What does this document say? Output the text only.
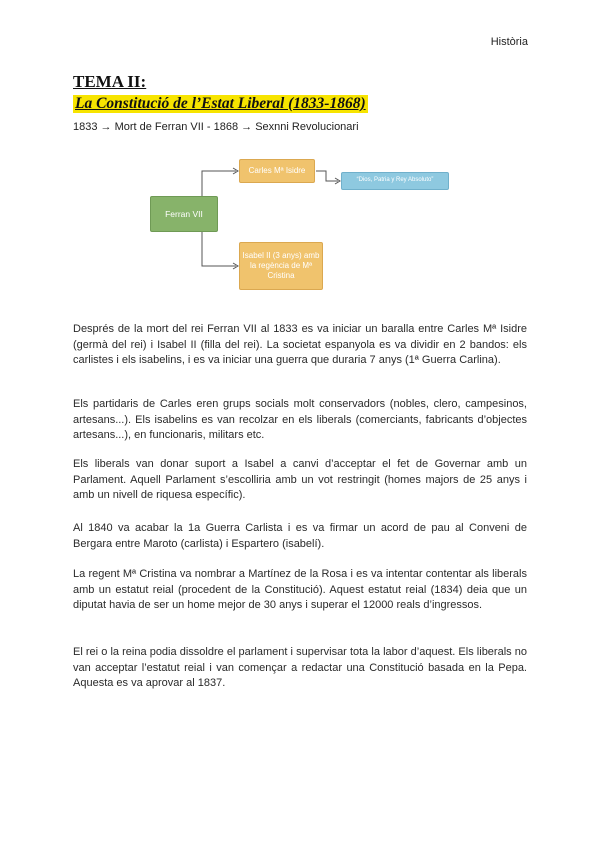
Història
TEMA II:
La Constitució de l’Estat Liberal (1833-1868)
1833 → Mort de Ferran VII - 1868 → Sexnni Revolucionari
Ferran VII
Carles Mª Isidre
“Dios, Patria y Rey Absoluto”
Isabel II (3 anys) amb la regència de Mª Cristina
Després de la mort del rei Ferran VII al 1833 es va iniciar un baralla entre Carles Mª Isidre (germà del rei) i Isabel II (filla del rei). La societat espanyola es va dividir en 2 bandos: els carlistes i els isabelins, i es va iniciar una guerra que duraria 7 anys (1ª Guerra Carlina).
Els partidaris de Carles eren grups socials molt conservadors (nobles, clero, campesinos, artesans...). Els isabelins es van recolzar en els liberals (comerciants, fabricants d’objectes artesans...), en funcionaris, militars etc.
Els liberals van donar suport a Isabel a canvi d’acceptar el fet de Governar amb un Parlament. Aquell Parlament s’escolliria amb un vot restringit (homes majors de 25 anys i amb un nivell de riquesa específic).
Al 1840 va acabar la 1a Guerra Carlista i es va firmar un acord de pau al Conveni de Bergara entre Maroto (carlista) i Espartero (isabelí).
La regent Mª Cristina va nombrar a Martínez de la Rosa i es va intentar contentar als liberals amb un estatut reial (procedent de la Constitució). Aquest estatut reial (1834) deia que un diputat havia de ser un home mejor de 30 anys i superar el 12000 reals d’ingressos.
El rei o la reina podia dissoldre el parlament i supervisar tota la labor d’aquest. Els liberals no van acceptar l’estatut reial i van començar a redactar una Constitució basada en la Pepa. Aquesta es va aprovar al 1837.
